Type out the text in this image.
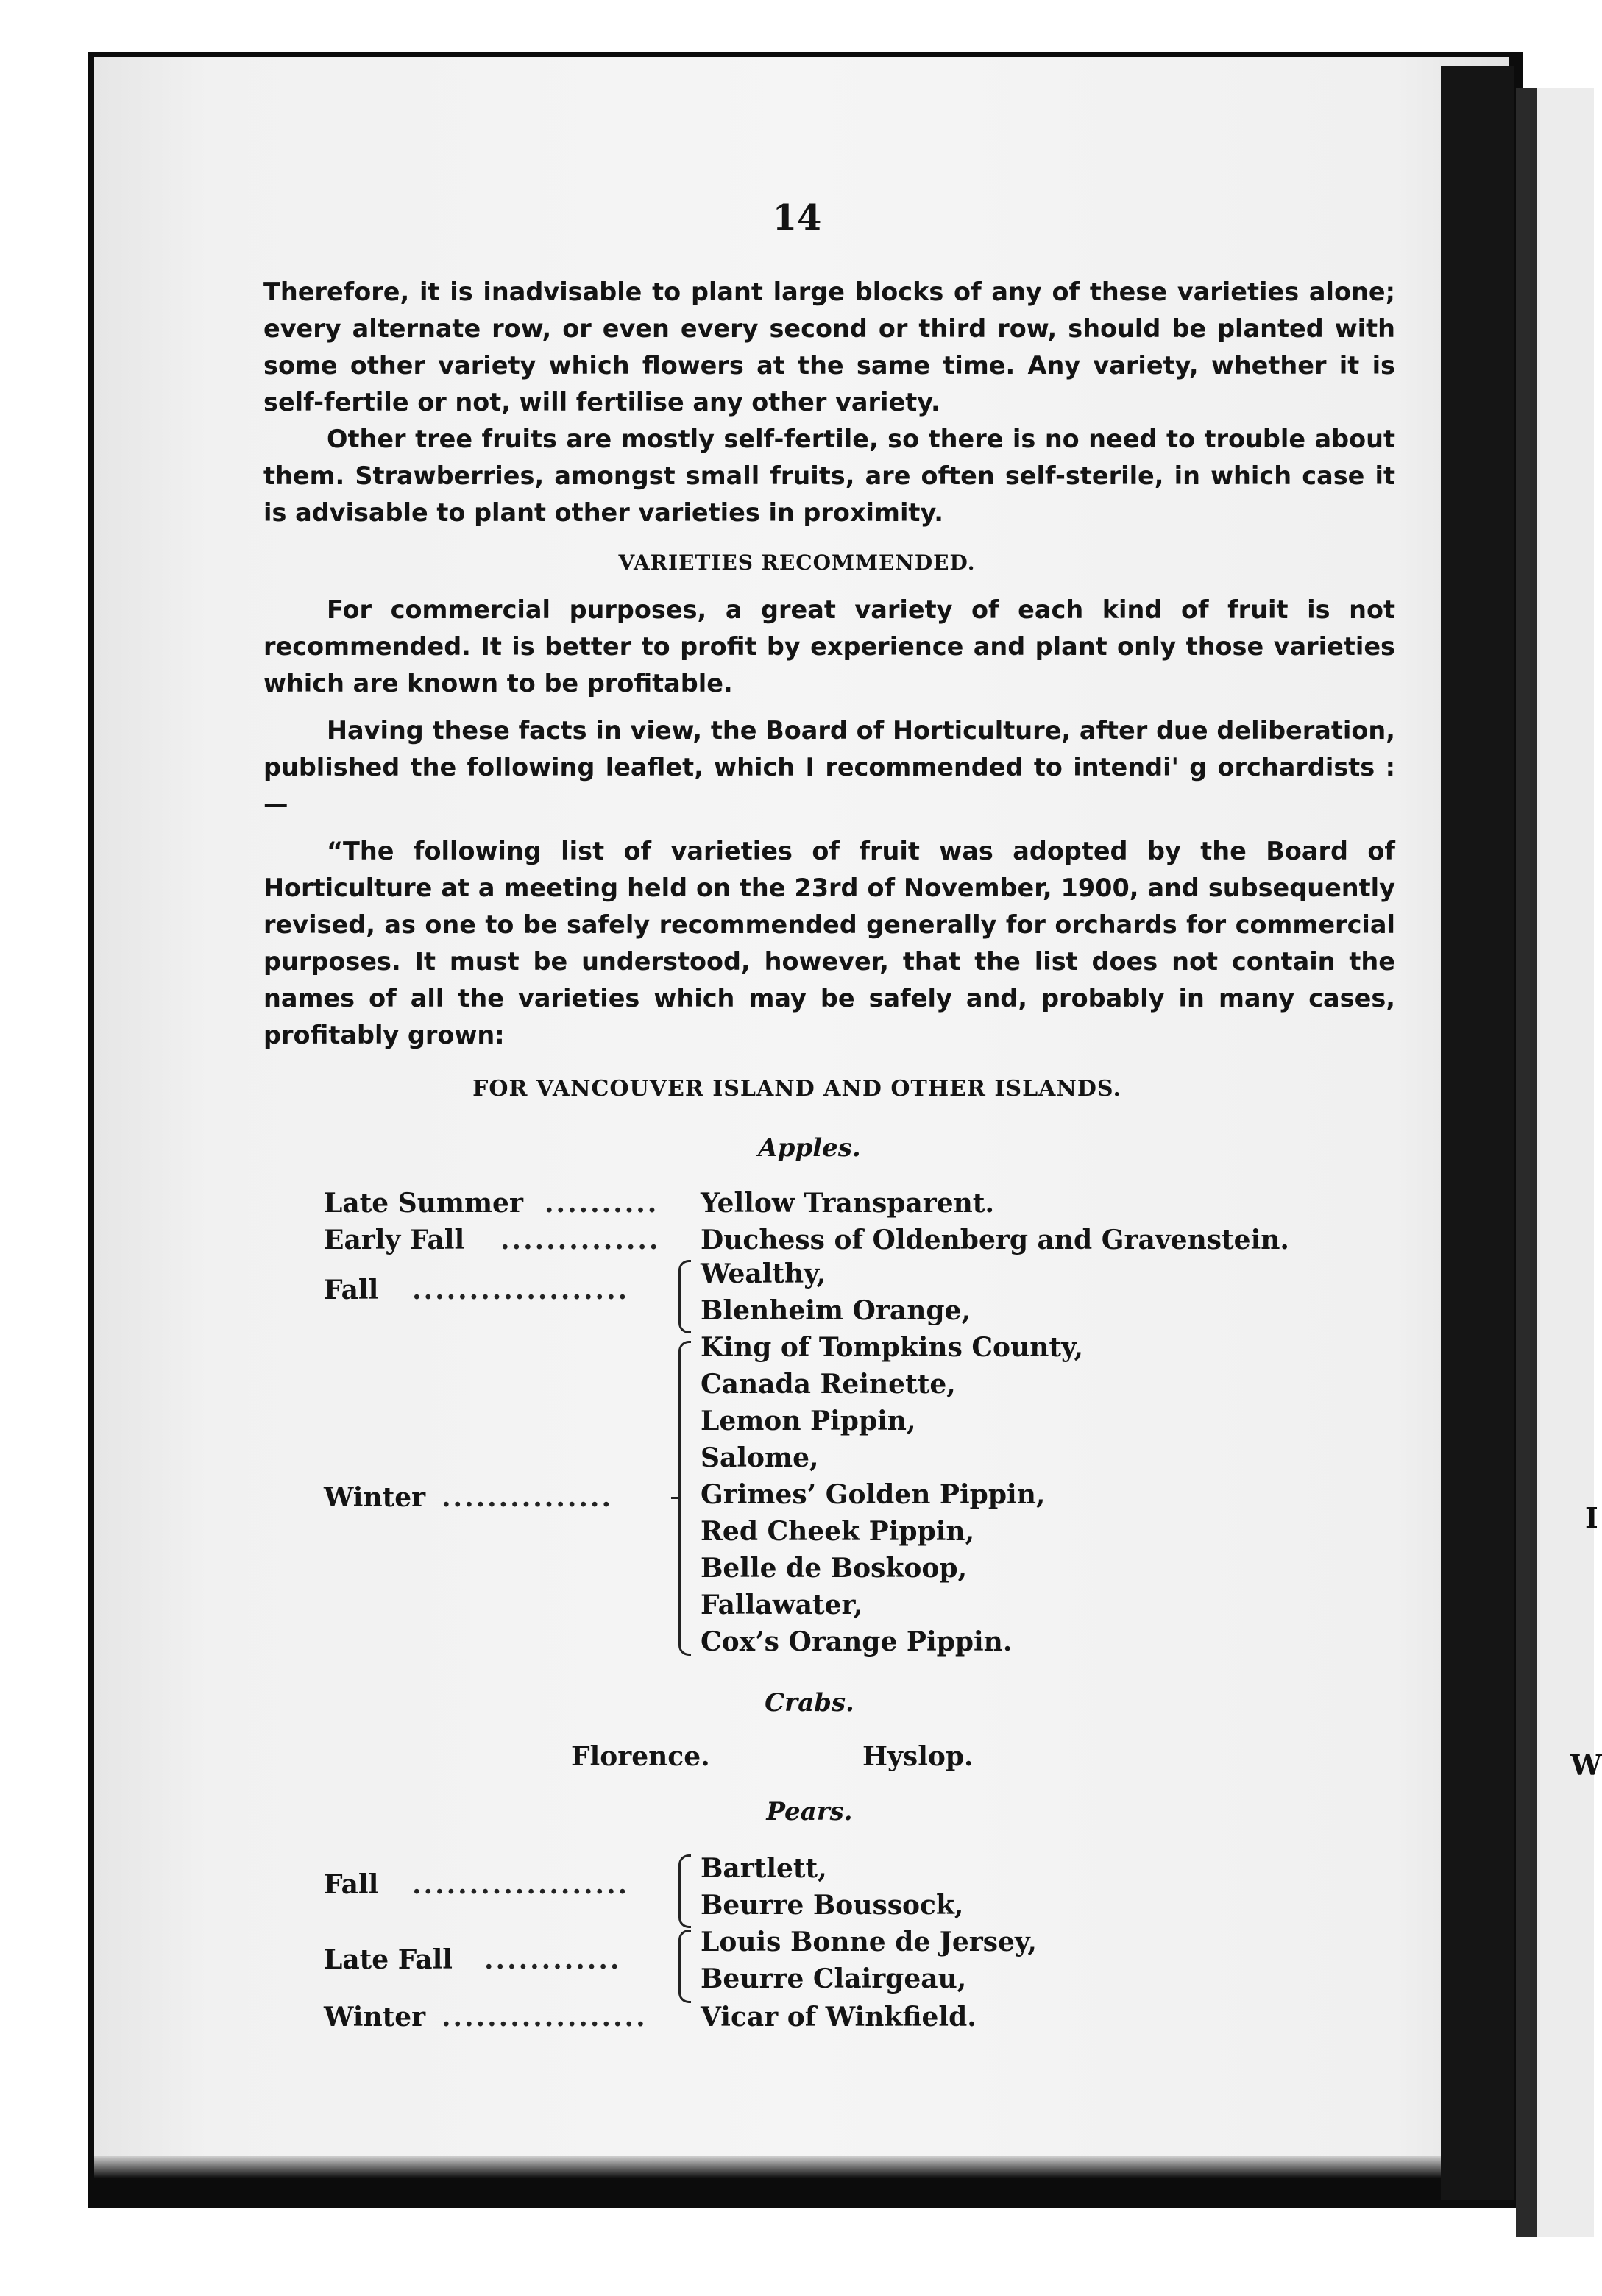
I
W
14

Therefore, it is inadvisable to plant large blocks of any of these varieties alone; every alternate row, or even every second or third row, should be planted with some other variety which flowers at the same time. Any variety, whether it is self-fertile or not, will fertilise any other variety.

Other tree fruits are mostly self-fertile, so there is no need to trouble about them. Strawberries, amongst small fruits, are often self-sterile, in which case it is advisable to plant other varieties in proximity.

VARIETIES RECOMMENDED.

For commercial purposes, a great variety of each kind of fruit is not recommended. It is better to profit by experience and plant only those varieties which are known to be profitable.

Having these facts in view, the Board of Horticulture, after due deliberation, published the following leaflet, which I recommended to intendi' g orchardists :—

“The following list of varieties of fruit was adopted by the Board of Horticulture at a meeting held on the 23rd of November, 1900, and subsequently revised, as one to be safely recommended generally for orchards for commercial purposes. It must be understood, however, that the list does not contain the names of all the varieties which may be safely and, probably in many cases, profitably grown:

FOR VANCOUVER ISLAND AND OTHER ISLANDS.
Apples.
Late Summer .......... Yellow Transparent.
Early Fall .............. Duchess of Oldenberg and Gravenstein.
Fall ...................
Wealthy,
Blenheim Orange,
Winter ...............
King of Tompkins County,
Canada Reinette,
Lemon Pippin,
Salome,
Grimes’ Golden Pippin,
Red Cheek Pippin,
Belle de Boskoop,
Fallawater,
Cox’s Orange Pippin.
Crabs.
Florence.	Hyslop.
Pears.
Fall ...................
Bartlett,
Beurre Boussock,
Late Fall ............
Louis Bonne de Jersey,
Beurre Clairgeau,
Winter .................. Vicar of Winkfield.
